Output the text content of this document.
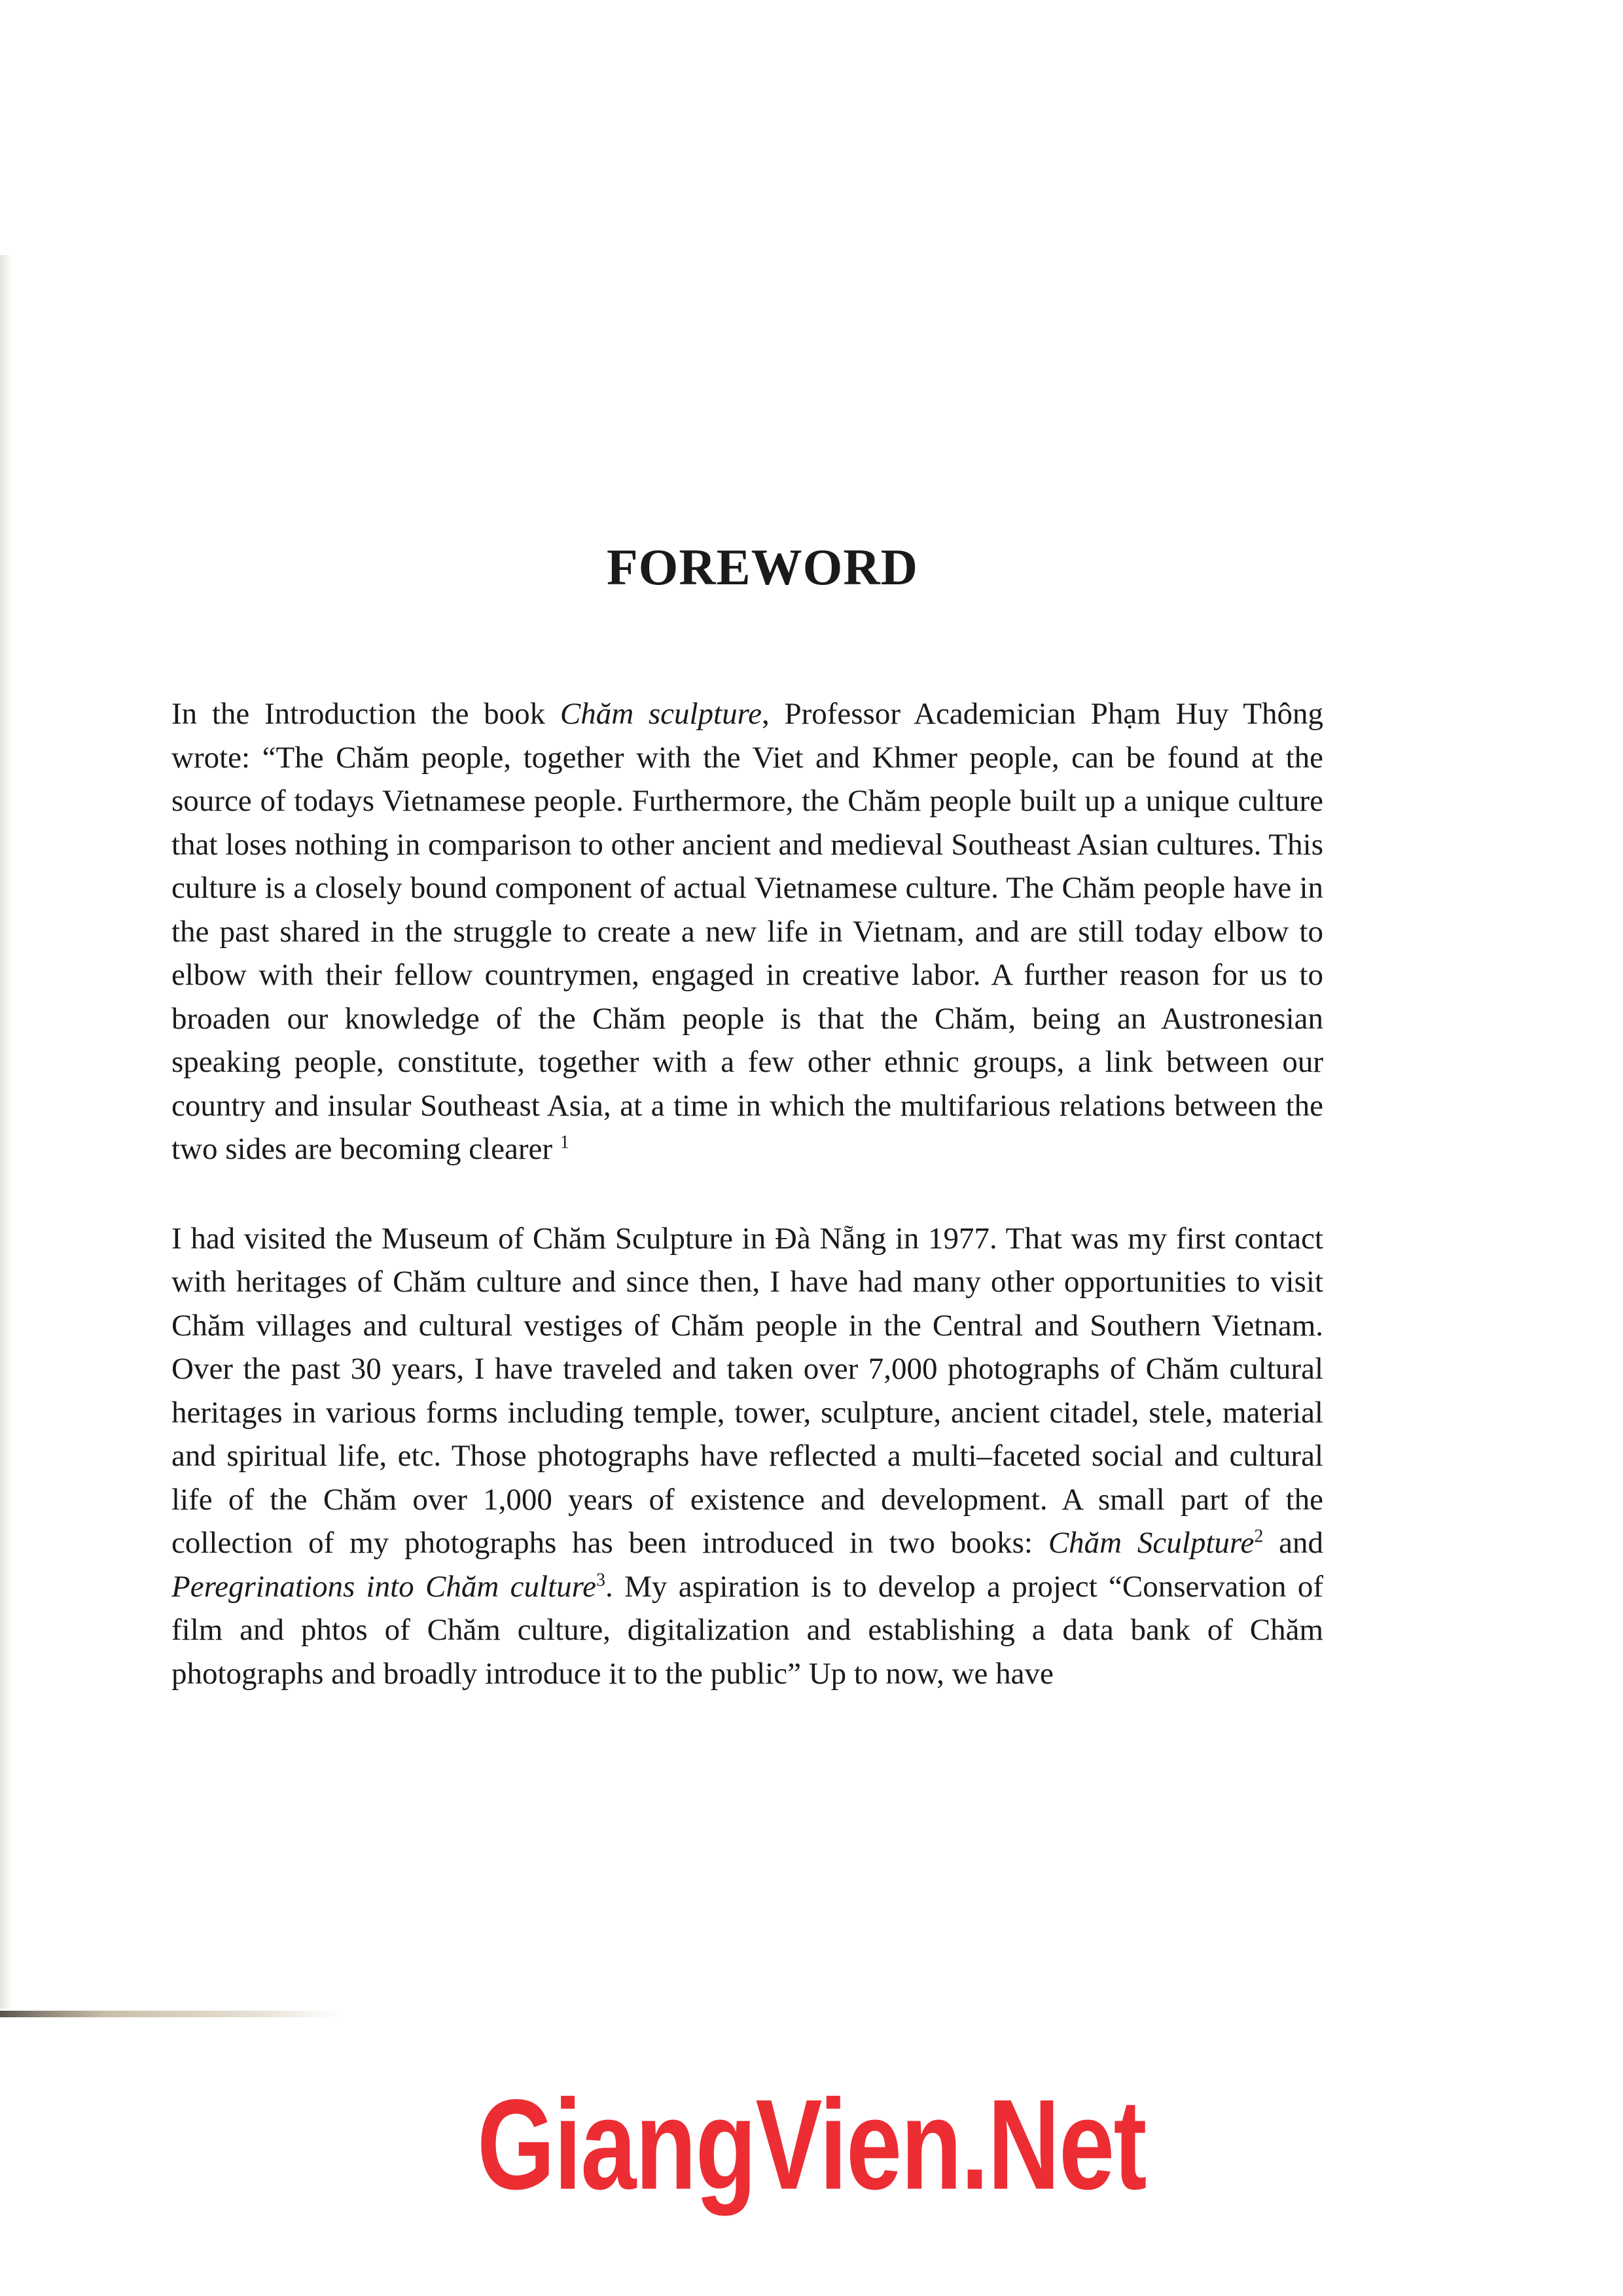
FOREWORD

In the Introduction the book Chăm sculpture, Professor Academician Phạm Huy Thông wrote: “The Chăm people, together with the Viet and Khmer people, can be found at the source of todays Vietnamese people. Furthermore, the Chăm people built up a unique culture that loses nothing in comparison to other ancient and medieval Southeast Asian cultures. This culture is a closely bound component of actual Vietnamese culture. The Chăm people have in the past shared in the struggle to create a new life in Vietnam, and are still today elbow to elbow with their fellow countrymen, engaged in creative labor. A further reason for us to broaden our knowledge of the Chăm people is that the Chăm, being an Austronesian speaking people, constitute, together with a few other ethnic groups, a link between our country and insular Southeast Asia, at a time in which the multifarious relations between the two sides are becoming clearer $^1$

I had visited the Museum of Chăm Sculpture in Đà Nẵng in 1977. That was my first contact with heritages of Chăm culture and since then, I have had many other opportunities to visit Chăm villages and cultural vestiges of Chăm people in the Central and Southern Vietnam. Over the past 30 years, I have traveled and taken over 7,000 photographs of Chăm cultural heritages in various forms including temple, tower, sculpture, ancient citadel, stele, material and spiritual life, etc. Those photographs have reflected a multi–faceted social and cultural life of the Chăm over 1,000 years of existence and development. A small part of the collection of my photographs has been introduced in two books: Chăm Sculpture$^2$ and Peregrinations into Chăm culture$^3$. My aspiration is to develop a project “Conservation of film and phtos of Chăm culture, digitalization and establishing a data bank of Chăm photographs and broadly introduce it to the public” Up to now, we have

GiangVien.Net
